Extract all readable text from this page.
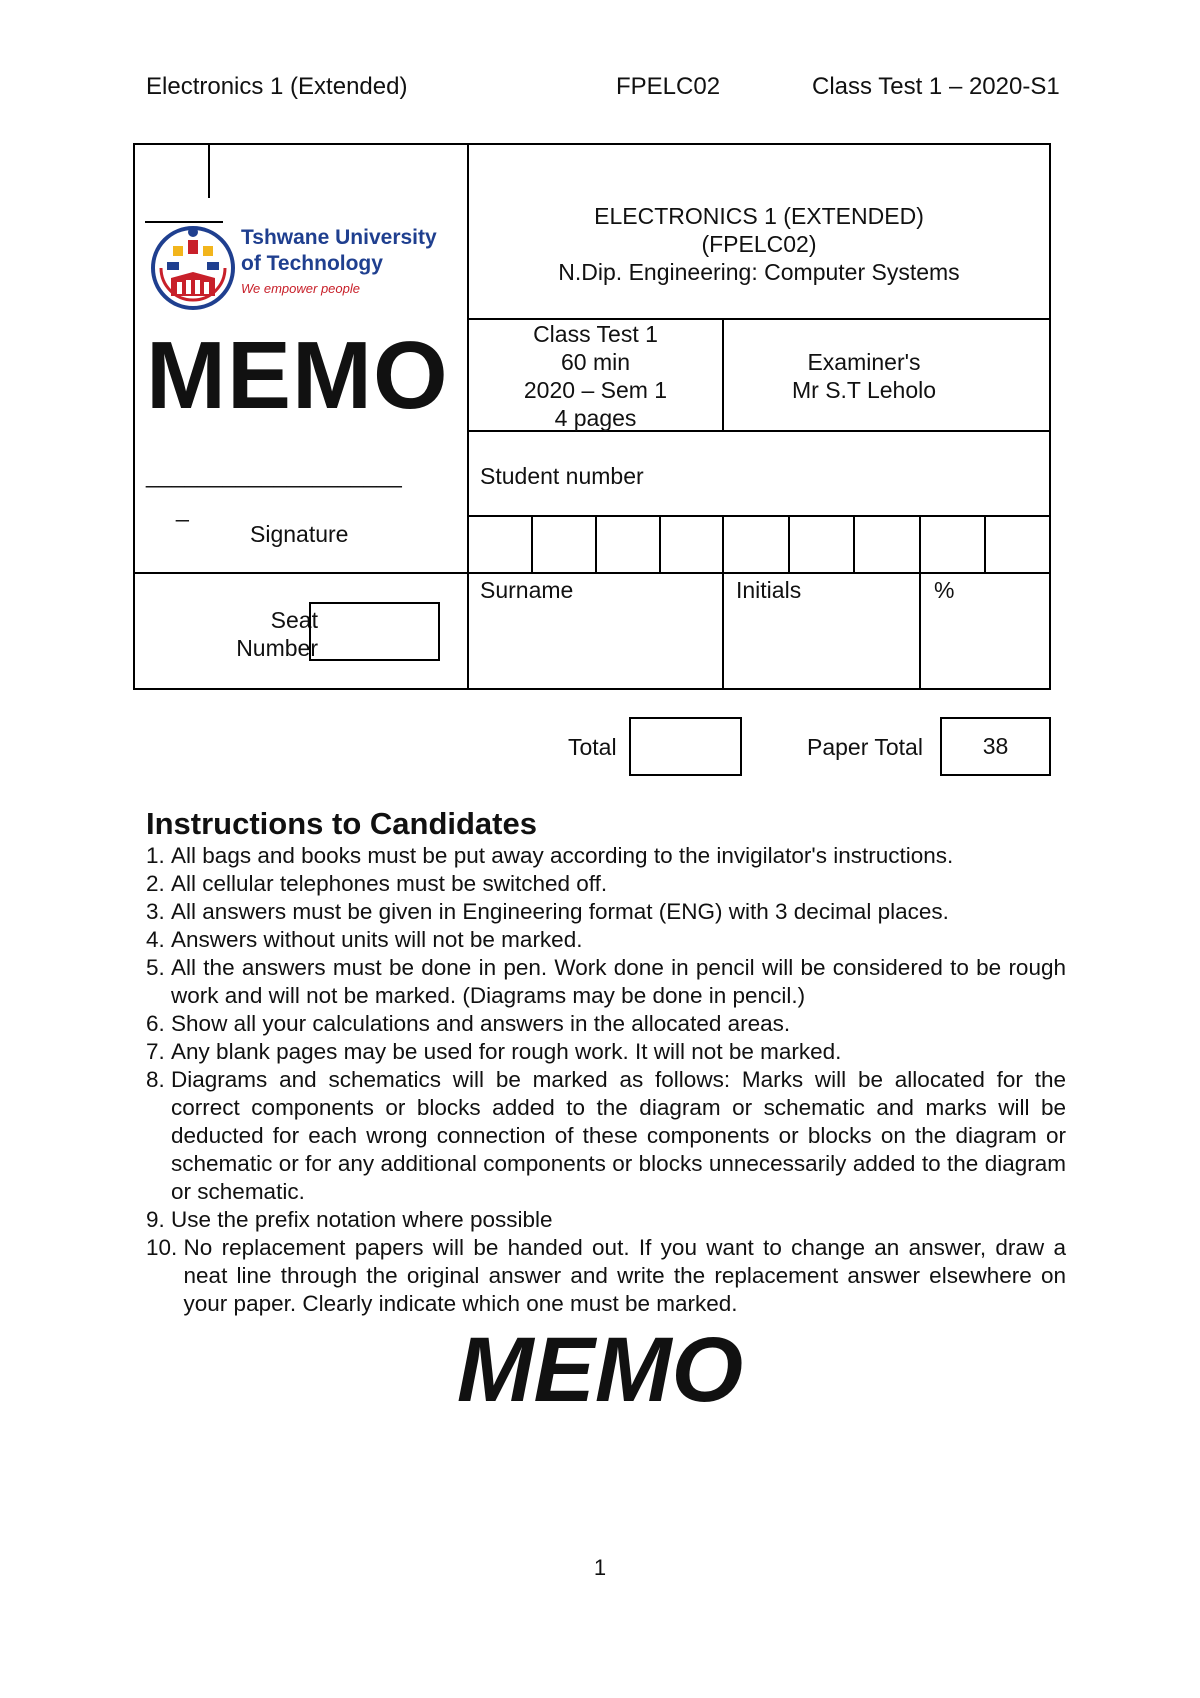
Electronics 1 (Extended)	FPELC02	Class Test 1 – 2020-S1
Tshwane University
of Technology
We empower people
MEMO
____________________
_
Signature
ELECTRONICS 1 (EXTENDED)
(FPELC02)
N.Dip. Engineering: Computer Systems
Class Test 1
60 min
2020 – Sem 1
4 pages
Examiner's
Mr S.T Leholo
Student number
Seat
Number
Surname	Initials	%
Total	Paper Total	38
Instructions to Candidates
1. All bags and books must be put away according to the invigilator's instructions.
2. All cellular telephones must be switched off.
3. All answers must be given in Engineering format (ENG) with 3 decimal places.
4. Answers without units will not be marked.
5. All the answers must be done in pen. Work done in pencil will be considered to be rough work and will not be marked. (Diagrams may be done in pencil.)
6. Show all your calculations and answers in the allocated areas.
7. Any blank pages may be used for rough work. It will not be marked.
8. Diagrams and schematics will be marked as follows: Marks will be allocated for the correct components or blocks added to the diagram or schematic and marks will be deducted for each wrong connection of these components or blocks on the diagram or schematic or for any additional components or blocks unnecessarily added to the diagram or schematic.
9. Use the prefix notation where possible
10. No replacement papers will be handed out. If you want to change an answer, draw a neat line through the original answer and write the replacement answer elsewhere on your paper. Clearly indicate which one must be marked.
MEMO
1
